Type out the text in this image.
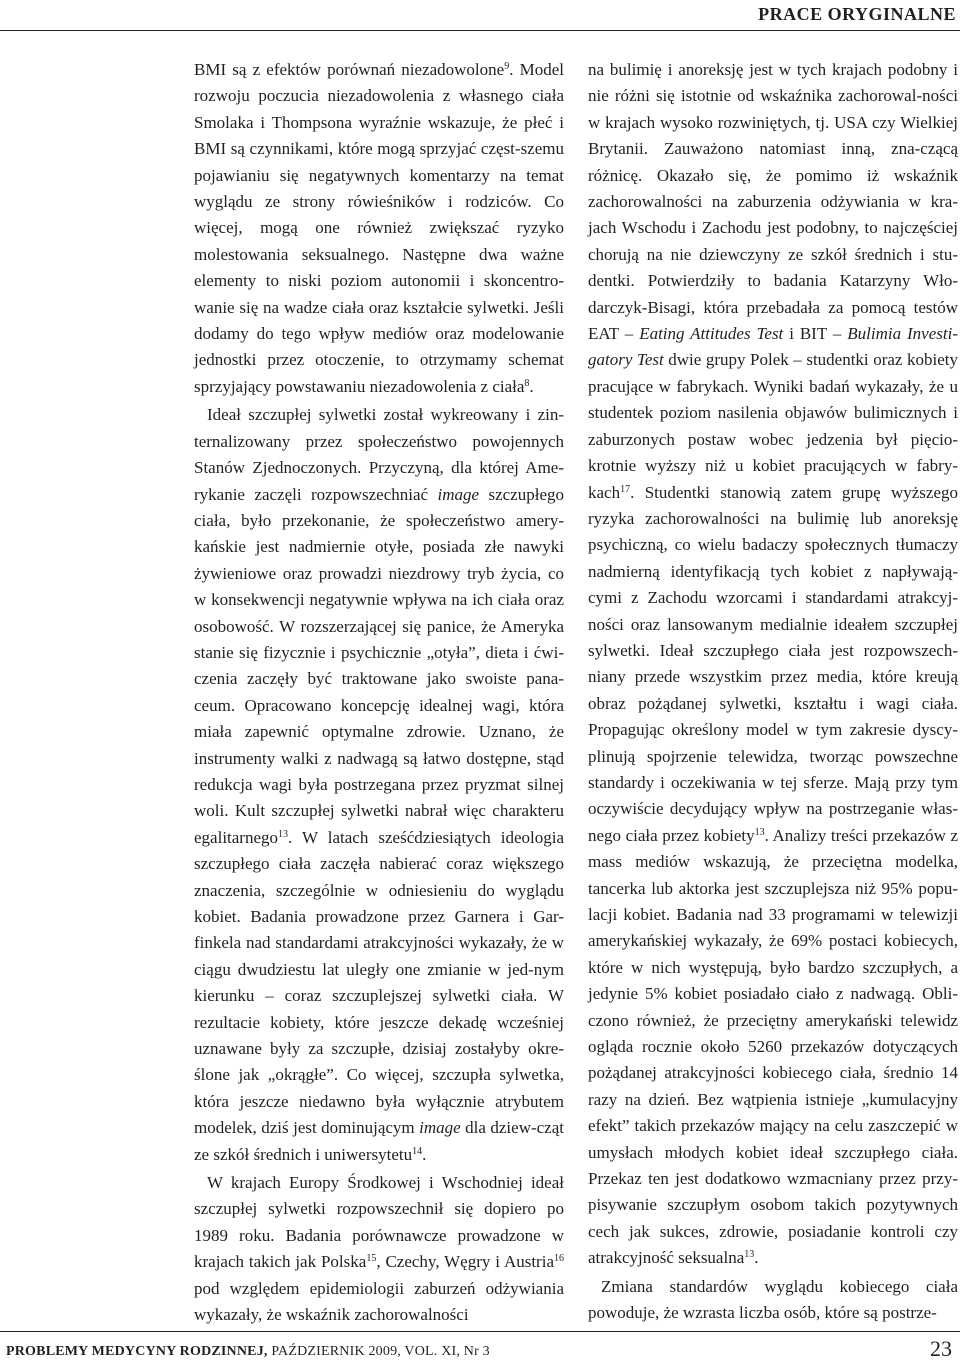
PRACE ORYGINALNE

BMI są z efektów porównań niezadowolone$^9$. Model rozwoju poczucia niezadowolenia z własnego ciała Smolaka i Thompsona wyraźnie wskazuje, że płeć i BMI są czynnikami, które mogą sprzyjać częst-szemu pojawianiu się negatywnych komentarzy na temat wyglądu ze strony rówieśników i rodziców. Co więcej, mogą one również zwiększać ryzyko molestowania seksualnego. Następne dwa ważne elementy to niski poziom autonomii i skoncentro-wanie się na wadze ciała oraz kształcie sylwetki. Jeśli dodamy do tego wpływ mediów oraz modelowanie jednostki przez otoczenie, to otrzymamy schemat sprzyjający powstawaniu niezadowolenia z ciała$^8$.

Ideał szczupłej sylwetki został wykreowany i zin-ternalizowany przez społeczeństwo powojennych Stanów Zjednoczonych. Przyczyną, dla której Ame-rykanie zaczęli rozpowszechniać image szczupłego ciała, było przekonanie, że społeczeństwo amery-kańskie jest nadmiernie otyłe, posiada złe nawyki żywieniowe oraz prowadzi niezdrowy tryb życia, co w konsekwencji negatywnie wpływa na ich ciała oraz osobowość. W rozszerzającej się panice, że Ameryka stanie się fizycznie i psychicznie „otyła”, dieta i ćwi-czenia zaczęły być traktowane jako swoiste pana-ceum. Opracowano koncepcję idealnej wagi, która miała zapewnić optymalne zdrowie. Uznano, że instrumenty walki z nadwagą są łatwo dostępne, stąd redukcja wagi była postrzegana przez pryzmat silnej woli. Kult szczupłej sylwetki nabrał więc charakteru egalitarnego$^{13}$. W latach sześćdziesiątych ideologia szczupłego ciała zaczęła nabierać coraz większego znaczenia, szczególnie w odniesieniu do wyglądu kobiet. Badania prowadzone przez Garnera i Gar-finkela nad standardami atrakcyjności wykazały, że w ciągu dwudziestu lat uległy one zmianie w jed-nym kierunku – coraz szczuplejszej sylwetki ciała. W rezultacie kobiety, które jeszcze dekadę wcześniej uznawane były za szczupłe, dzisiaj zostałyby okre-ślone jak „okrągłe”. Co więcej, szczupła sylwetka, która jeszcze niedawno była wyłącznie atrybutem modelek, dziś jest dominującym image dla dziew-cząt ze szkół średnich i uniwersytetu$^{14}$.

W krajach Europy Środkowej i Wschodniej ideał szczupłej sylwetki rozpowszechnił się dopiero po 1989 roku. Badania porównawcze prowadzone w krajach takich jak Polska$^{15}$, Czechy, Węgry i Austria$^{16}$ pod względem epidemiologii zaburzeń odżywiania wykazały, że wskaźnik zachorowalności

na bulimię i anoreksję jest w tych krajach podobny i nie różni się istotnie od wskaźnika zachorowal-ności w krajach wysoko rozwiniętych, tj. USA czy Wielkiej Brytanii. Zauważono natomiast inną, zna-czącą różnicę. Okazało się, że pomimo iż wskaźnik zachorowalności na zaburzenia odżywiania w kra-jach Wschodu i Zachodu jest podobny, to najczęściej chorują na nie dziewczyny ze szkół średnich i stu-dentki. Potwierdziły to badania Katarzyny Wło-darczyk-Bisagi, która przebadała za pomocą testów EAT – Eating Attitudes Test i BIT – Bulimia Investi-gatory Test dwie grupy Polek – studentki oraz kobiety pracujące w fabrykach. Wyniki badań wykazały, że u studentek poziom nasilenia objawów bulimicznych i zaburzonych postaw wobec jedzenia był pięcio-krotnie wyższy niż u kobiet pracujących w fabry-kach$^{17}$. Studentki stanowią zatem grupę wyższego ryzyka zachorowalności na bulimię lub anoreksję psychiczną, co wielu badaczy społecznych tłumaczy nadmierną identyfikacją tych kobiet z napływają-cymi z Zachodu wzorcami i standardami atrakcyj-ności oraz lansowanym medialnie ideałem szczupłej sylwetki. Ideał szczupłego ciała jest rozpowszech-niany przede wszystkim przez media, które kreują obraz pożądanej sylwetki, kształtu i wagi ciała. Propagując określony model w tym zakresie dyscy-plinują spojrzenie telewidza, tworząc powszechne standardy i oczekiwania w tej sferze. Mają przy tym oczywiście decydujący wpływ na postrzeganie włas-nego ciała przez kobiety$^{13}$. Analizy treści przekazów z mass mediów wskazują, że przeciętna modelka, tancerka lub aktorka jest szczuplejsza niż 95% popu-lacji kobiet. Badania nad 33 programami w telewizji amerykańskiej wykazały, że 69% postaci kobiecych, które w nich występują, było bardzo szczupłych, a jedynie 5% kobiet posiadało ciało z nadwagą. Obli-czono również, że przeciętny amerykański telewidz ogląda rocznie około 5260 przekazów dotyczących pożądanej atrakcyjności kobiecego ciała, średnio 14 razy na dzień. Bez wątpienia istnieje „kumulacyjny efekt” takich przekazów mający na celu zaszczepić w umysłach młodych kobiet ideał szczupłego ciała. Przekaz ten jest dodatkowo wzmacniany przez przy-pisywanie szczupłym osobom takich pozytywnych cech jak sukces, zdrowie, posiadanie kontroli czy atrakcyjność seksualna$^{13}$.

Zmiana standardów wyglądu kobiecego ciała powoduje, że wzrasta liczba osób, które są postrze-

PROBLEMY MEDYCYNY RODZINNEJ, PAŹDZIERNIK 2009, VOL. XI, Nr 3	23
